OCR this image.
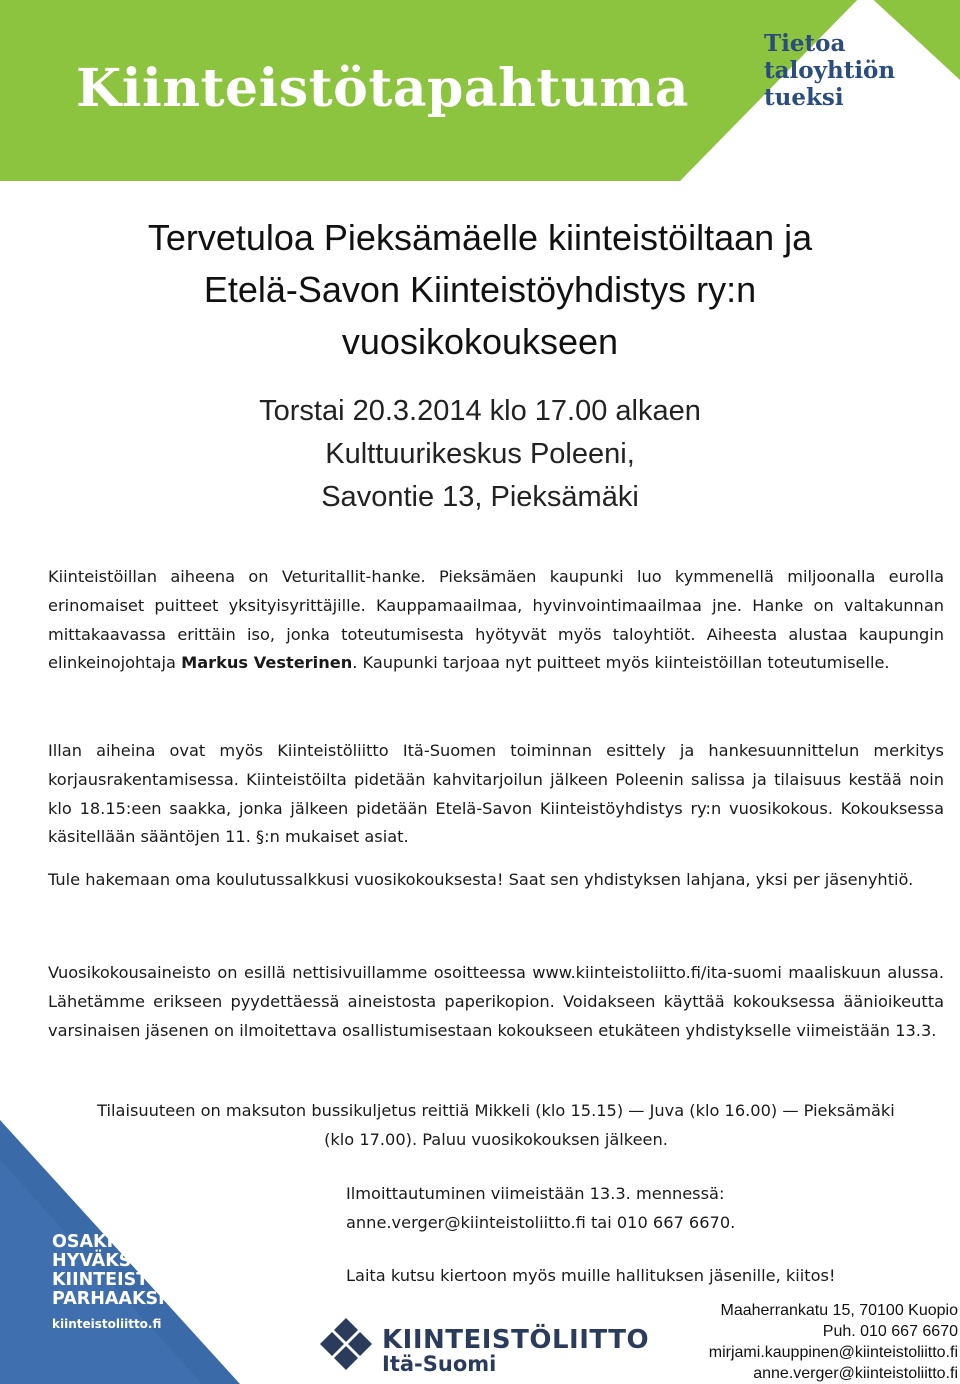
Kiinteistötapahtuma
Tietoa
taloyhtiön
tueksi
Tervetuloa Pieksämäelle kiinteistöiltaan ja
Etelä-Savon Kiinteistöyhdistys ry:n
vuosikokoukseen
Torstai 20.3.2014 klo 17.00 alkaen
Kulttuurikeskus Poleeni,
Savontie 13, Pieksämäki
Kiinteistöillan aiheena on Veturitallit-hanke. Pieksämäen kaupunki luo kymmenellä miljoonalla eurolla erinomaiset puitteet yksityisyrittäjille. Kauppamaailmaa, hyvinvointimaailmaa jne. Hanke on valtakunnan mittakaavassa erittäin iso, jonka toteutumisesta hyötyvät myös taloyhtiöt. Aiheesta alustaa kaupungin elinkeinojohtaja Markus Vesterinen. Kaupunki tarjoaa nyt puitteet myös kiinteistöillan toteutumiselle.
Illan aiheina ovat myös Kiinteistöliitto Itä-Suomen toiminnan esittely ja hankesuunnittelun merkitys korjausrakentamisessa. Kiinteistöilta pidetään kahvitarjoilun jälkeen Poleenin salissa ja tilaisuus kestää noin klo 18.15:een saakka, jonka jälkeen pidetään Etelä-Savon Kiinteistöyhdistys ry:n vuosikokous. Kokouksessa käsitellään sääntöjen 11. §:n mukaiset asiat.
Tule hakemaan oma koulutussalkkusi vuosikokouksesta! Saat sen yhdistyksen lahjana, yksi per jäsenyhtiö.
Vuosikokousaineisto on esillä nettisivuillamme osoitteessa www.kiinteistoliitto.fi/ita-suomi maaliskuun alussa. Lähetämme erikseen pyydettäessä aineistosta paperikopion. Voidakseen käyttää kokouksessa äänioikeutta varsinaisen jäsenen on ilmoitettava osallistumisestaan kokoukseen etukäteen yhdistykselle viimeistään 13.3.
Tilaisuuteen on maksuton bussikuljetus reittiä Mikkeli (klo 15.15) — Juva (klo 16.00) — Pieksämäki
(klo 17.00). Paluu vuosikokouksen jälkeen.
Ilmoittautuminen viimeistään 13.3. mennessä:
anne.verger@kiinteistoliitto.fi tai 010 667 6670.
Laita kutsu kiertoon myös muille hallituksen jäsenille, kiitos!
OSAKKAAN
HYVÄKSI,
KIINTEISTÖN
PARHAAKSI
kiinteistoliitto.fi
KIINTEISTÖLIITTO
Itä-Suomi
Maaherrankatu 15, 70100 Kuopio
Puh. 010 667 6670
mirjami.kauppinen@kiinteistoliitto.fi
anne.verger@kiinteistoliitto.fi
